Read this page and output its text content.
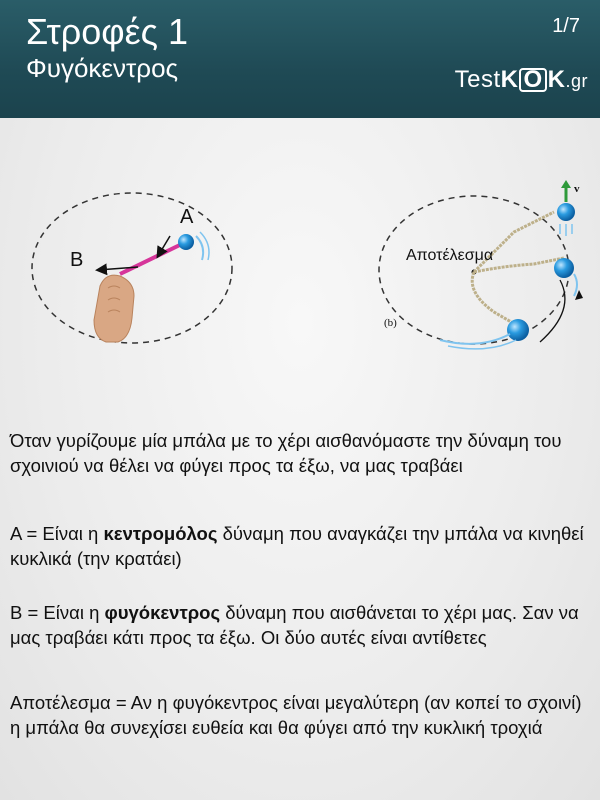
Στροφές 1
Φυγόκεντρος
1/7
TestK O K.gr
A
B
v
Αποτέλεσμα
(b)
Όταν γυρίζουμε μία μπάλα με το χέρι αισθανόμαστε την δύναμη του σχοινιού να θέλει να φύγει προς τα έξω, να μας τραβάει
Α = Είναι η κεντρομόλος δύναμη που αναγκάζει την μπάλα να κινηθεί κυκλικά (την κρατάει)
Β = Είναι η φυγόκεντρος δύναμη που αισθάνεται το χέρι μας. Σαν να μας τραβάει κάτι προς τα έξω. Οι δύο αυτές είναι αντίθετες
Αποτέλεσμα = Αν η φυγόκεντρος είναι μεγαλύτερη (αν κοπεί το σχοινί) η μπάλα θα συνεχίσει ευθεία και θα φύγει από την κυκλική τροχιά
